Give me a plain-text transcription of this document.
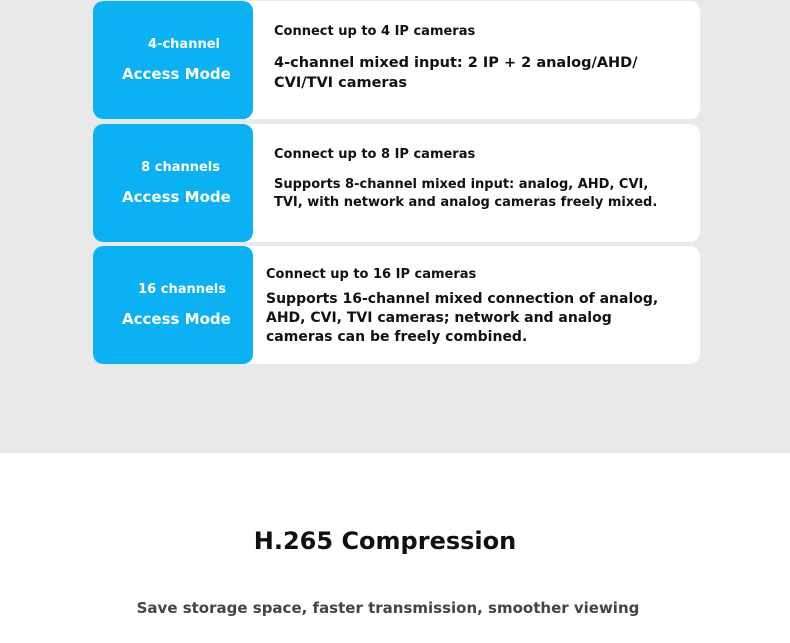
4-channel
Access Mode
Connect up to 4 IP cameras
4-channel mixed input: 2 IP + 2 analog/AHD/ CVI/TVI cameras
8 channels
Access Mode
Connect up to 8 IP cameras
Supports 8-channel mixed input: analog, AHD, CVI, TVI, with network and analog cameras freely mixed.
16 channels
Access Mode
Connect up to 16 IP cameras
Supports 16-channel mixed connection of analog, AHD, CVI, TVI cameras; network and analog cameras can be freely combined.
H.265 Compression

Save storage space, faster transmission, smoother viewing
